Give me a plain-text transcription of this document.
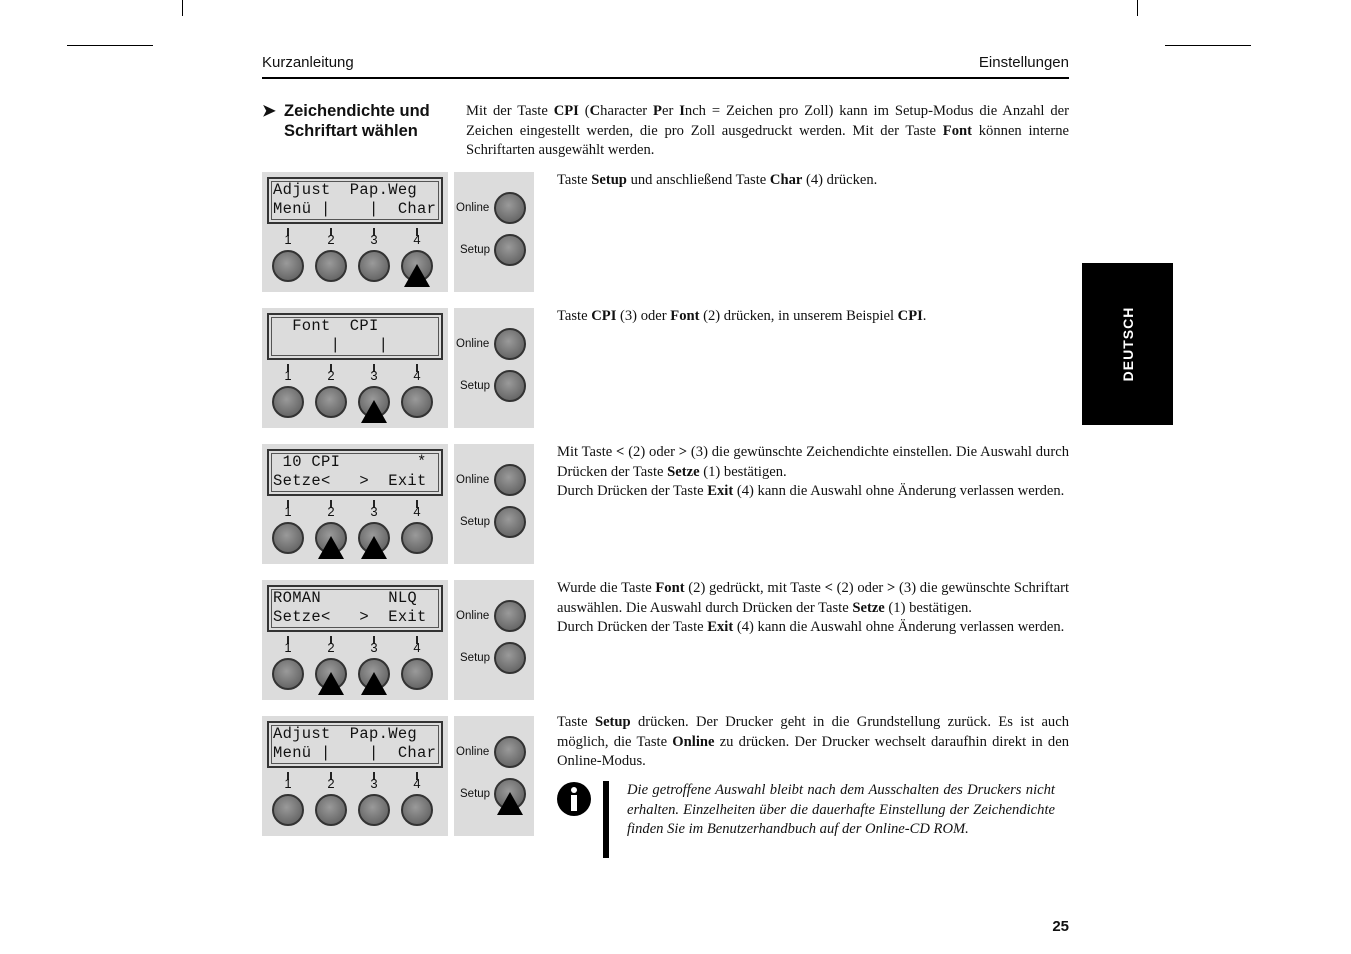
Kurzanleitung	Einstellungen
➤ Zeichendichte und
Schriftart wählen
Mit der Taste CPI (Character Per Inch = Zeichen pro Zoll) kann im Setup-Modus die Anzahl der Zeichen eingestellt werden, die pro Zoll ausgedruckt werden. Mit der Taste Font können interne Schriftarten ausgewählt werden.
Adjust  Pap.Weg
Menü |    |  Char
1	2	3	4
Online
Setup
Taste Setup und anschließend Taste Char (4) drücken.
Font  CPI
|    |
1	2	3	4
Online
Setup
Taste CPI (3) oder Font (2) drücken, in unserem Beispiel CPI.
10 CPI        *
Setze<   >  Exit
1	2	3	4
Online
Setup
Mit Taste < (2) oder > (3) die gewünschte Zeichendichte einstellen. Die Auswahl durch Drücken der Taste Setze (1) bestätigen.
Durch Drücken der Taste Exit (4) kann die Auswahl ohne Änderung verlassen werden.
ROMAN       NLQ
Setze<   >  Exit
1	2	3	4
Online
Setup
Wurde die Taste Font (2) gedrückt, mit Taste < (2) oder > (3) die gewünschte Schriftart auswählen. Die Auswahl durch Drücken der Taste Setze (1) bestätigen.
Durch Drücken der Taste Exit (4) kann die Auswahl ohne Änderung verlassen werden.
Adjust  Pap.Weg
Menü |    |  Char
1	2	3	4
Online
Setup
Taste Setup drücken. Der Drucker geht in die Grundstellung zurück. Es ist auch möglich, die Taste Online zu drücken. Der Drucker wechselt daraufhin direkt in den Online-Modus.
Die getroffene Auswahl bleibt nach dem Ausschalten des Druckers nicht erhalten. Einzelheiten über die dauerhafte Einstellung der Zeichendichte finden Sie im Benutzerhandbuch auf der Online-CD ROM.
DEUTSCH
25
